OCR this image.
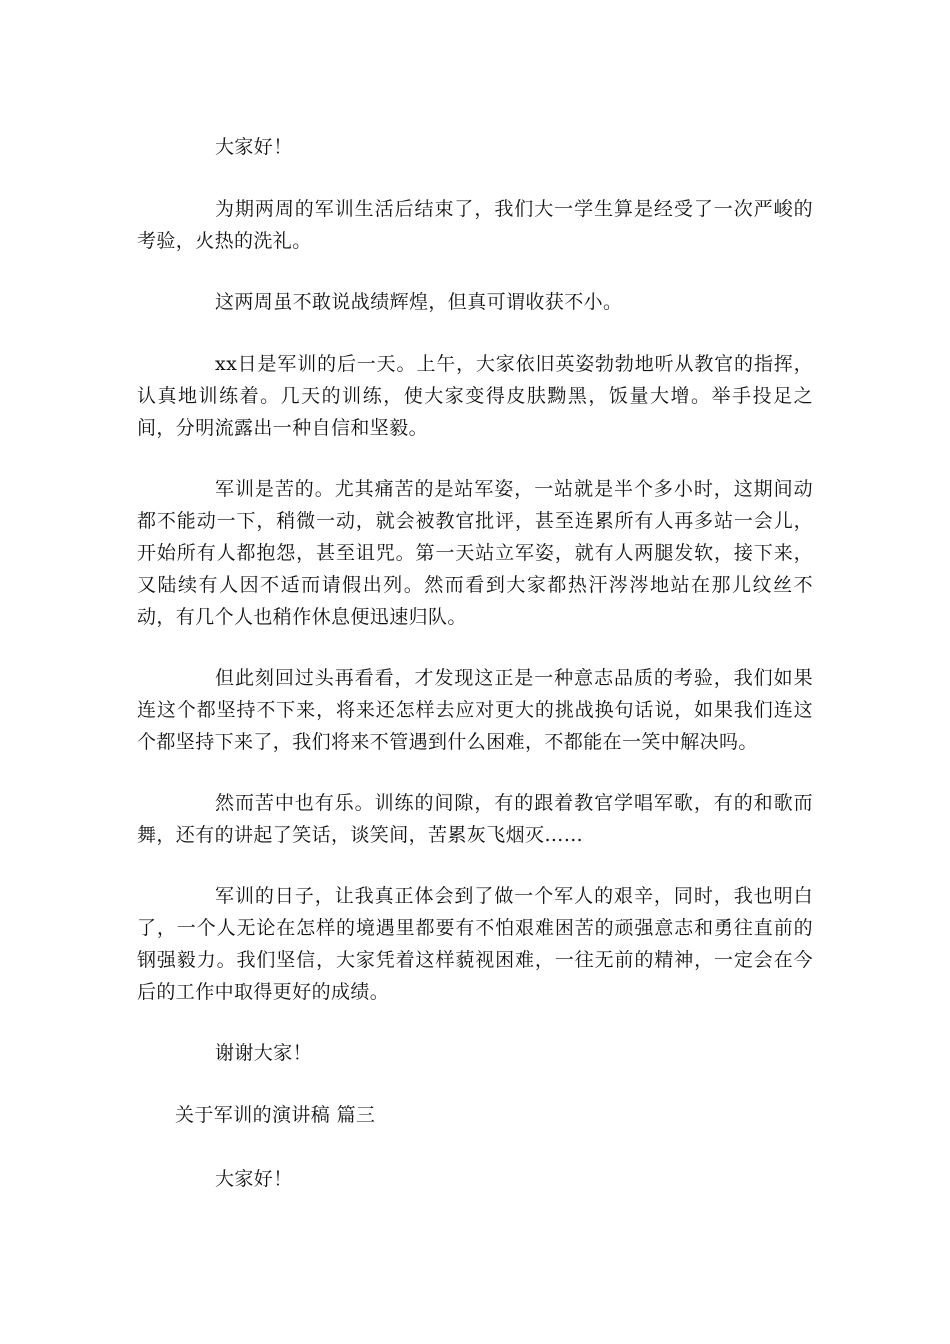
大家好！

为期两周的军训生活后结束了，我们大一学生算是经受了一次严峻的考验，火热的洗礼。

这两周虽不敢说战绩辉煌，但真可谓收获不小。

xx日是军训的后一天。上午，大家依旧英姿勃勃地听从教官的指挥，认真地训练着。几天的训练，使大家变得皮肤黝黑，饭量大增。举手投足之间，分明流露出一种自信和坚毅。

军训是苦的。尤其痛苦的是站军姿，一站就是半个多小时，这期间动都不能动一下，稍微一动，就会被教官批评，甚至连累所有人再多站一会儿，开始所有人都抱怨，甚至诅咒。第一天站立军姿，就有人两腿发软，接下来，又陆续有人因不适而请假出列。然而看到大家都热汗涔涔地站在那儿纹丝不动，有几个人也稍作休息便迅速归队。

但此刻回过头再看看，才发现这正是一种意志品质的考验，我们如果连这个都坚持不下来，将来还怎样去应对更大的挑战换句话说，如果我们连这个都坚持下来了，我们将来不管遇到什么困难，不都能在一笑中解决吗。

然而苦中也有乐。训练的间隙，有的跟着教官学唱军歌，有的和歌而舞，还有的讲起了笑话，谈笑间，苦累灰飞烟灭……

军训的日子，让我真正体会到了做一个军人的艰辛，同时，我也明白了，一个人无论在怎样的境遇里都要有不怕艰难困苦的顽强意志和勇往直前的钢强毅力。我们坚信，大家凭着这样藐视困难，一往无前的精神，一定会在今后的工作中取得更好的成绩。

谢谢大家！

关于军训的演讲稿 篇三

大家好！
